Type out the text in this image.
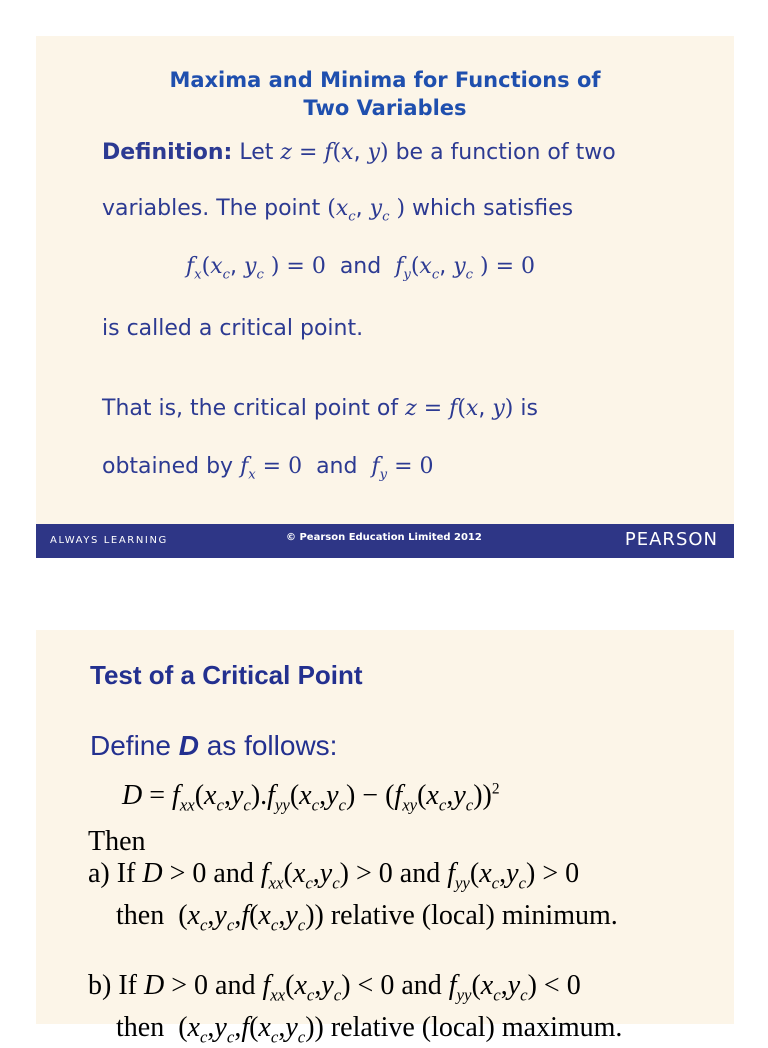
Maxima and Minima for Functions of
Two Variables
Definition: Let z = f(x, y) be a function of two
variables. The point ($x_c$, $y_c$ ) which satisfies
$f_x(x_c$, $y_c$ ) = 0  and  $f_y(x_c$, $y_c$ ) = 0
is called a critical point.
That is, the critical point of z = f(x, y) is
obtained by $f_x = 0$  and  $f_y = 0$
ALWAYS LEARNING	© Pearson Education Limited 2012	PEARSON
Test of a Critical Point
Define D as follows:
$D = f_{xx}(x_c,y_c).f_{yy}(x_c,y_c) - (f_{xy}(x_c,y_c))^2$
Then
a) If D > 0 and $f_{xx}(x_c,y_c) > 0$ and $f_{yy}(x_c,y_c) > 0$
then  $(x_c,y_c,f(x_c,y_c))$ relative (local) minimum.
b) If D > 0 and $f_{xx}(x_c,y_c) < 0$ and $f_{yy}(x_c,y_c) < 0$
then  $(x_c,y_c,f(x_c,y_c))$ relative (local) maximum.
